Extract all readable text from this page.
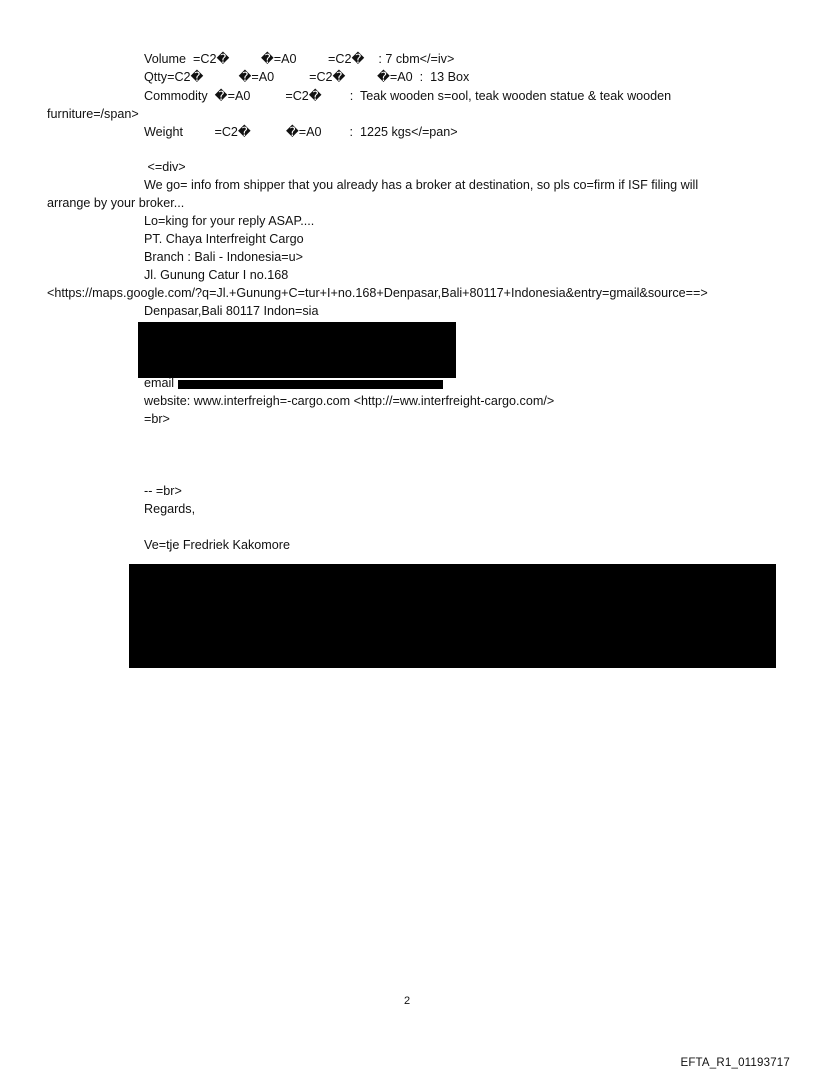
Volume  =C2�         �=A0         =C2�    : 7 cbm</=iv>
Qtty=C2�          �=A0          =C2�         �=A0  :  13 Box
Commodity  �=A0          =C2�        :  Teak wooden s=ool, teak wooden statue & teak wooden
furniture=/span>
Weight         =C2�          �=A0        :  1225 kgs</=pan>
<=div>
We go= info from shipper that you already has a broker at destination, so pls co=firm if ISF filing will
arrange by your broker...
Lo=king for your reply ASAP....
PT. Chaya Interfreight Cargo
Branch : Bali - Indonesia=u>
Jl. Gunung Catur I no.168
<https://maps.google.com/?q=Jl.+Gunung+C=tur+I+no.168+Denpasar,Bali+80117+Indonesia&entry=gmail&source==>
Denpasar,Bali 80117 Indon=sia
email
website: www.interfreigh=-cargo.com <http://=ww.interfreight-cargo.com/>
=br>
-- =br>
Regards,
Ve=tje Fredriek Kakomore
2
EFTA_R1_01193717
